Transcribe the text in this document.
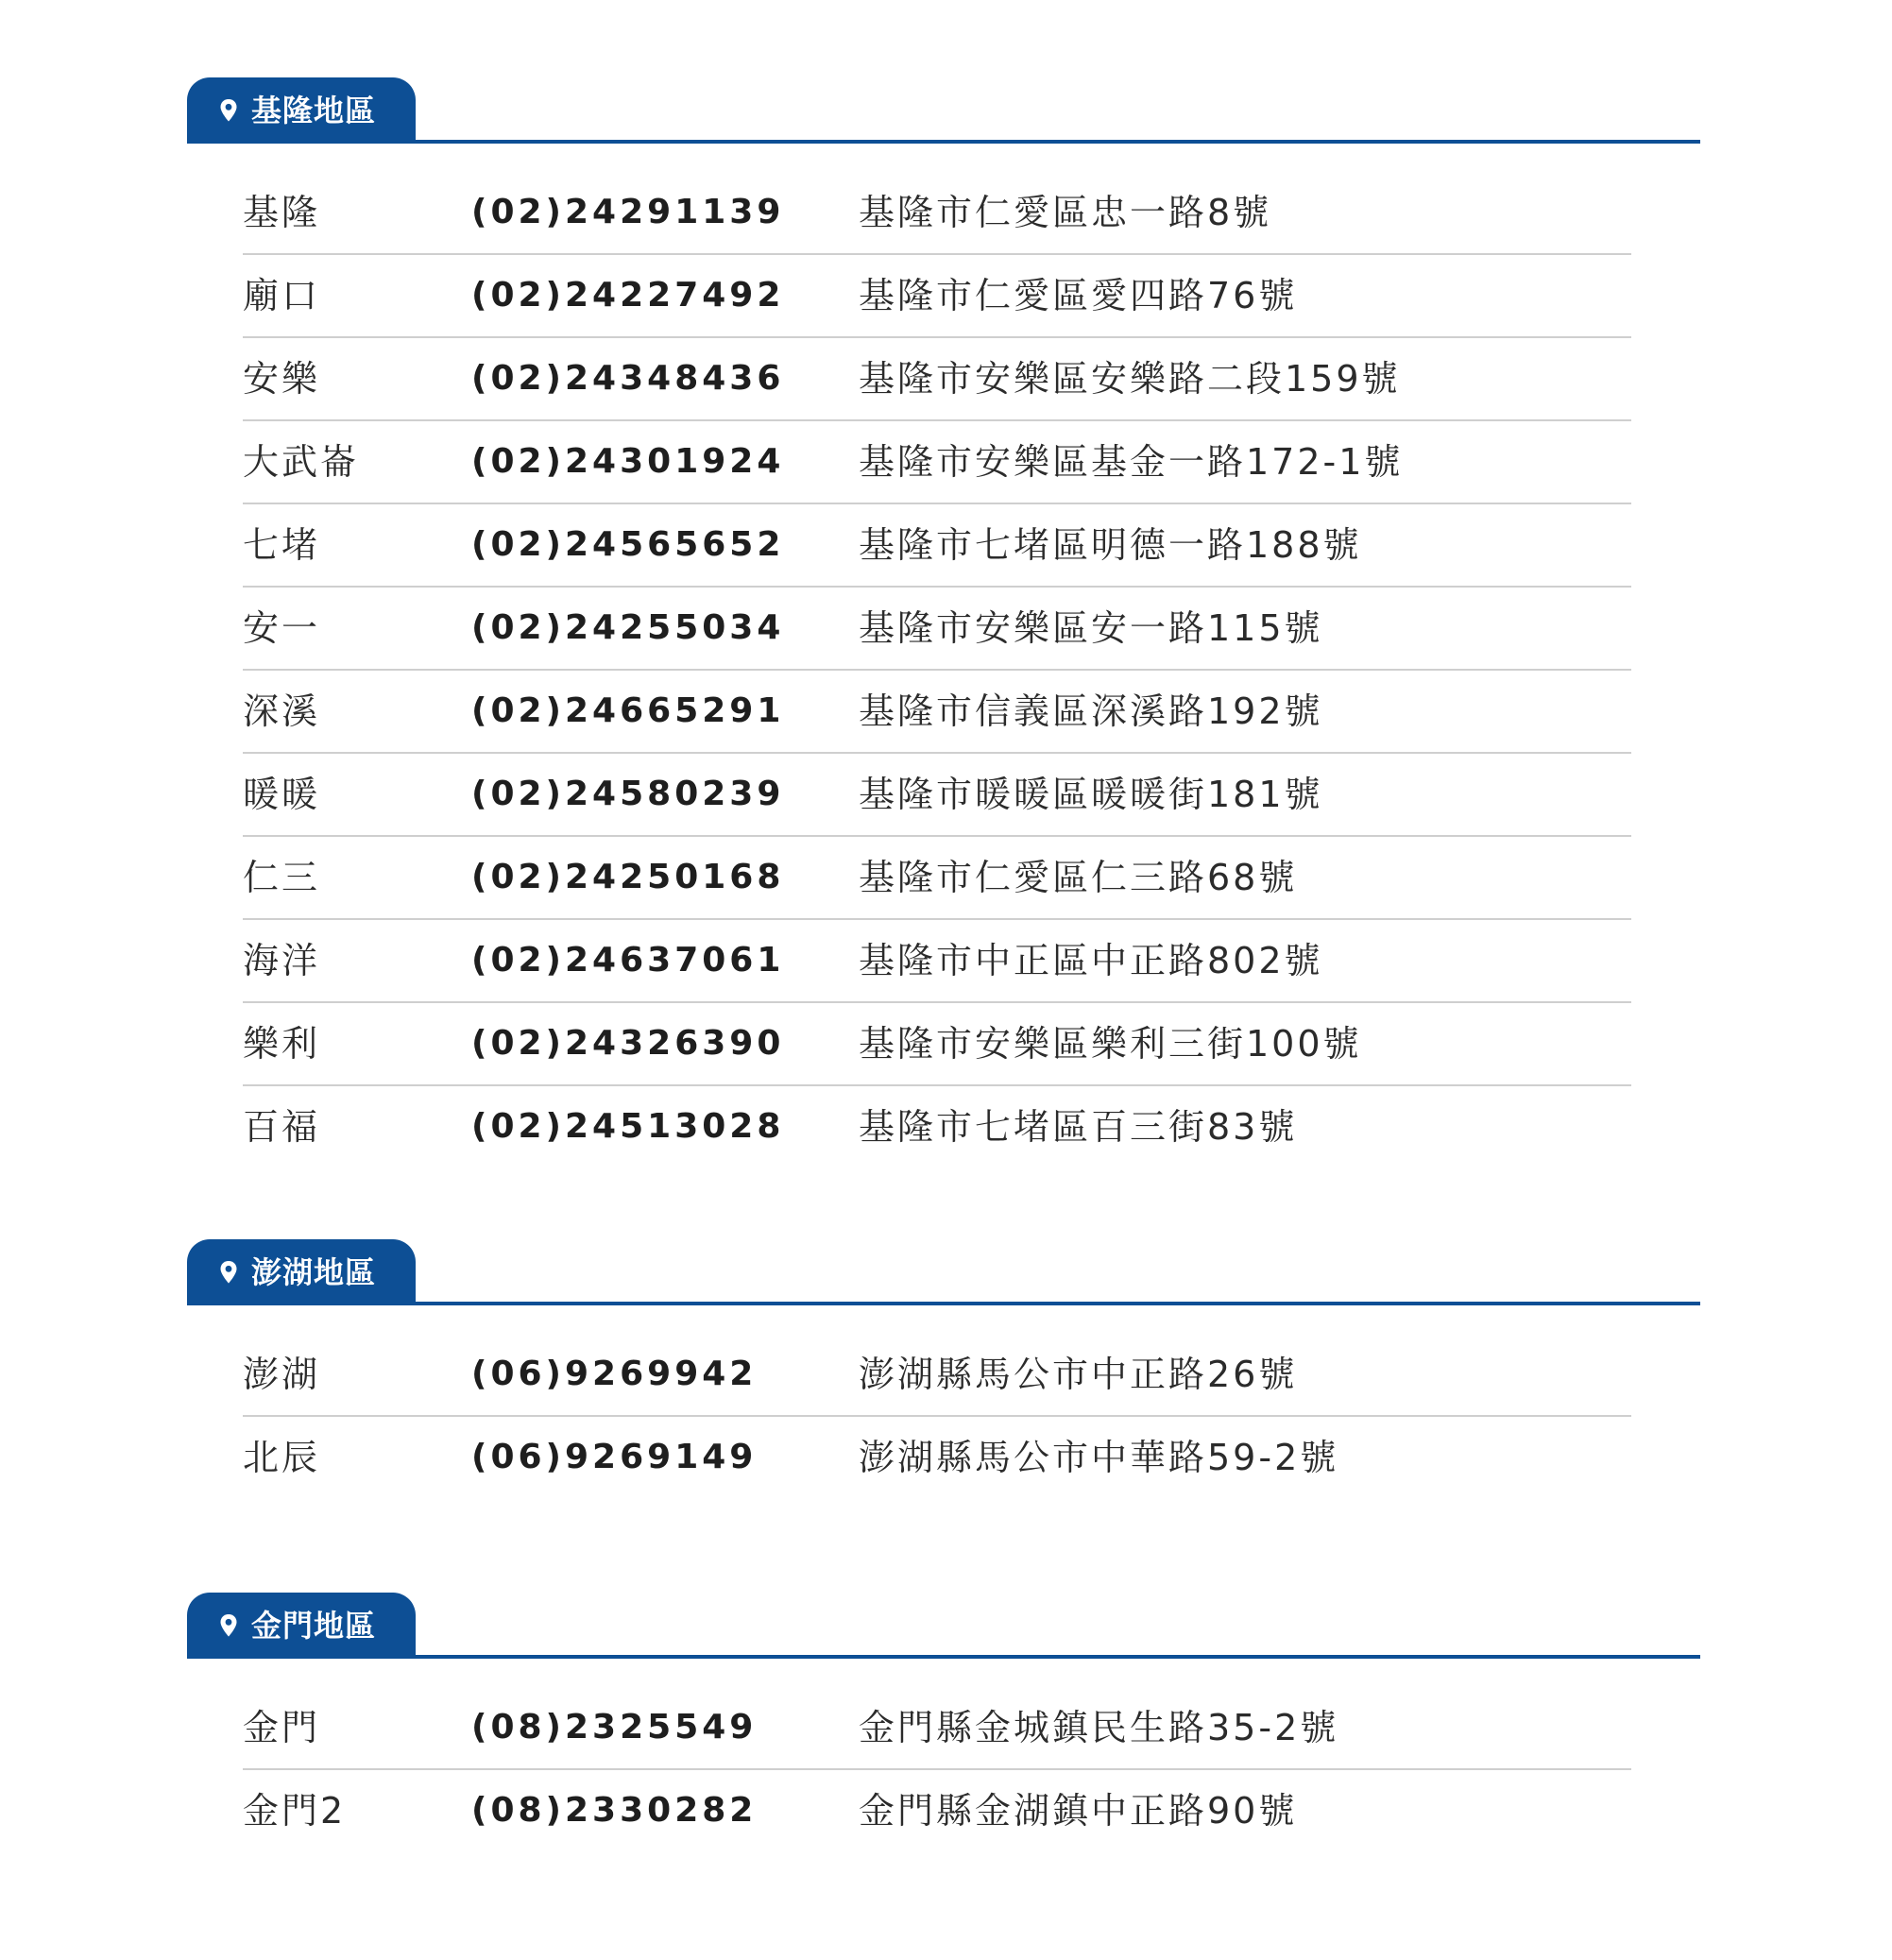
基隆地區
基隆	(02)24291139 基隆市仁愛區忠一路8號
廟口	(02)24227492 基隆市仁愛區愛四路76號
安樂	(02)24348436 基隆市安樂區安樂路二段159號
大武崙	(02)24301924 基隆市安樂區基金一路172-1號
七堵	(02)24565652 基隆市七堵區明德一路188號
安一	(02)24255034 基隆市安樂區安一路115號
深溪	(02)24665291 基隆市信義區深溪路192號
暖暖	(02)24580239 基隆市暖暖區暖暖街181號
仁三	(02)24250168 基隆市仁愛區仁三路68號
海洋	(02)24637061 基隆市中正區中正路802號
樂利	(02)24326390 基隆市安樂區樂利三街100號
百福	(02)24513028 基隆市七堵區百三街83號
澎湖地區
澎湖	(06)9269942	澎湖縣馬公市中正路26號
北辰	(06)9269149	澎湖縣馬公市中華路59-2號
金門地區
金門	(08)2325549	金門縣金城鎮民生路35-2號
金門2	(08)2330282	金門縣金湖鎮中正路90號
